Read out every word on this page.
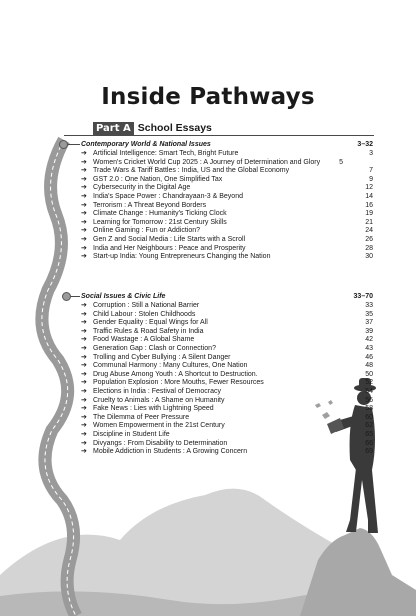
Inside Pathways
Part A School Essays
Contemporary World & National Issues	3–32
➔ Artificial Intelligence: Smart Tech, Bright Future	3
➔ Women's Cricket World Cup 2025 : A Journey of Determination and Glory	5
➔ Trade Wars & Tariff Battles : India, US and the Global Economy	7
➔ GST 2.0 : One Nation, One Simplified Tax	9
➔ Cybersecurity in the Digital Age	12
➔ India's Space Power : Chandrayaan-3 & Beyond	14
➔ Terrorism : A Threat Beyond Borders	16
➔ Climate Change : Humanity's Ticking Clock	19
➔ Learning for Tomorrow : 21st Century Skills	21
➔ Online Gaming : Fun or Addiction?	24
➔ Gen Z and Social Media : Life Starts with a Scroll	26
➔ India and Her Neighbours : Peace and Prosperity	28
➔ Start-up India: Young Entrepreneurs Changing the Nation	30
Social Issues & Civic Life	33–70
➔ Corruption : Still a National Barrier	33
➔ Child Labour : Stolen Childhoods	35
➔ Gender Equality : Equal Wings for All	37
➔ Traffic Rules & Road Safety in India	39
➔ Food Wastage : A Global Shame	42
➔ Generation Gap : Clash or Connection?	43
➔ Trolling and Cyber Bullying : A Silent Danger	46
➔ Communal Harmony : Many Cultures, One Nation	48
➔ Drug Abuse Among Youth : A Shortcut to Destruction.	50
➔ Population Explosion : More Mouths, Fewer Resources	52
➔ Elections in India : Festival of Democracy	54
➔ Cruelty to Animals : A Shame on Humanity	56
➔ Fake News : Lies with Lightning Speed	58
➔ The Dilemma of Peer Pressure	60
➔ Women Empowerment in the 21st Century	62
➔ Discipline in Student Life	65
➔ Divyangs : From Disability to Determination	66
➔ Mobile Addiction in Students : A Growing Concern	69
